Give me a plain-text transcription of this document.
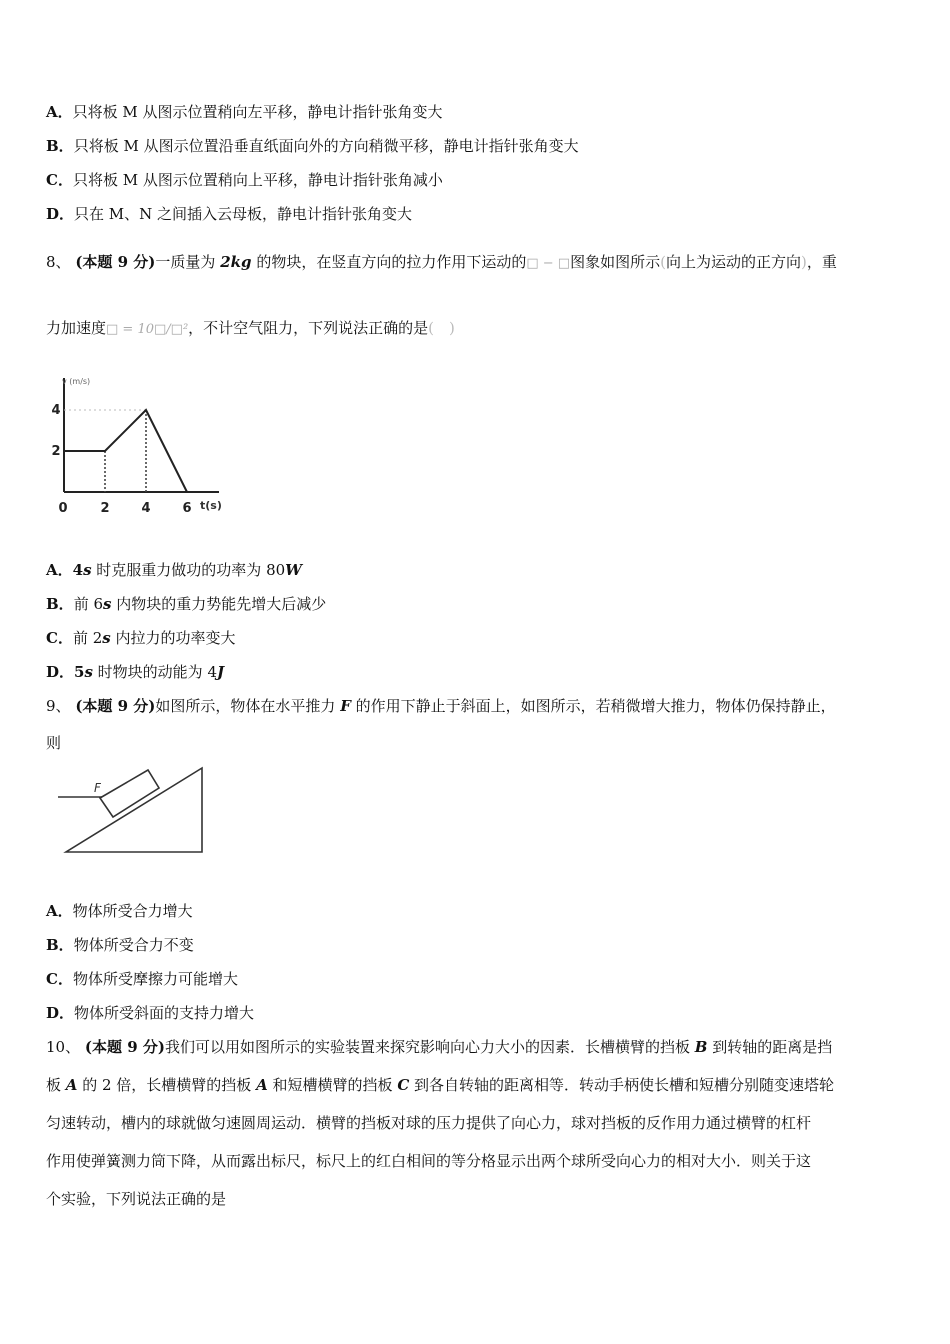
A．只将板 M 从图示位置稍向左平移，静电计指针张角变大
B．只将板 M 从图示位置沿垂直纸面向外的方向稍微平移，静电计指针张角变大
C．只将板 M 从图示位置稍向上平移，静电计指针张角减小
D．只在 M、N 之间插入云母板，静电计指针张角变大
8、 (本题 9 分)一质量为 2kg 的物块，在竖直方向的拉力作用下运动的□ − □图象如图所示(向上为运动的正方向)，重
力加速度□ = 10□/□²，不计空气阻力，下列说法正确的是(　)
v (m/s)
t(s)
0	2 4 6
2
4
A．4s 时克服重力做功的功率为 80W
B．前 6s 内物块的重力势能先增大后减少
C．前 2s 内拉力的功率变大
D．5s 时物块的动能为 4J
9、 (本题 9 分)如图所示，物体在水平推力 F 的作用下静止于斜面上，如图所示，若稍微增大推力，物体仍保持静止，
则
F
A．物体所受合力增大
B．物体所受合力不变
C．物体所受摩擦力可能增大
D．物体所受斜面的支持力增大
10、 (本题 9 分)我们可以用如图所示的实验装置来探究影响向心力大小的因素．长槽横臂的挡板 B 到转轴的距离是挡
板 A 的 2 倍，长槽横臂的挡板 A 和短槽横臂的挡板 C 到各自转轴的距离相等．转动手柄使长槽和短槽分别随变速塔轮
匀速转动，槽内的球就做匀速圆周运动．横臂的挡板对球的压力提供了向心力，球对挡板的反作用力通过横臂的杠杆
作用使弹簧测力筒下降，从而露出标尺，标尺上的红白相间的等分格显示出两个球所受向心力的相对大小．则关于这
个实验，下列说法正确的是
